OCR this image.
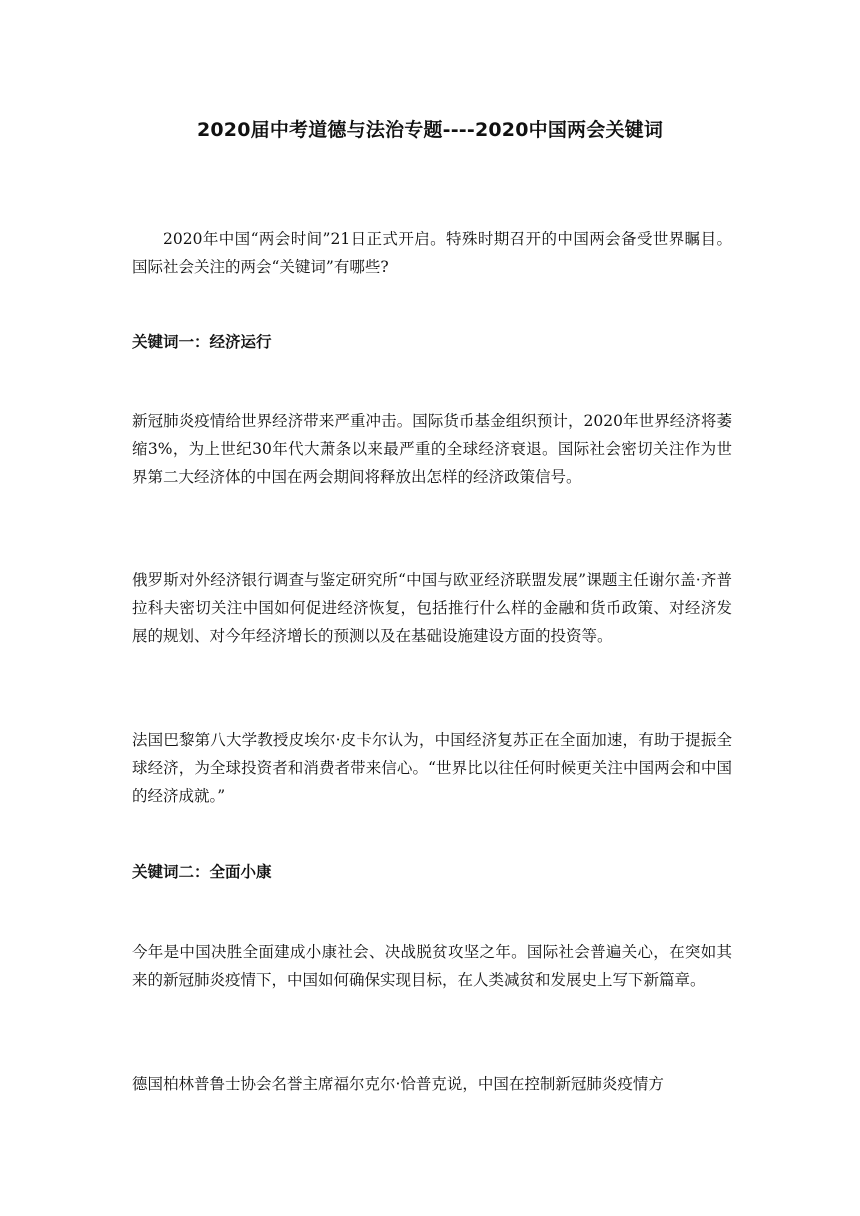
2020届中考道德与法治专题----2020中国两会关键词
2020年中国“两会时间”21日正式开启。特殊时期召开的中国两会备受世界瞩目。国际社会关注的两会“关键词”有哪些?
关键词一：经济运行
新冠肺炎疫情给世界经济带来严重冲击。国际货币基金组织预计，2020年世界经济将萎缩3%，为上世纪30年代大萧条以来最严重的全球经济衰退。国际社会密切关注作为世界第二大经济体的中国在两会期间将释放出怎样的经济政策信号。
俄罗斯对外经济银行调查与鉴定研究所“中国与欧亚经济联盟发展”课题主任谢尔盖·齐普拉科夫密切关注中国如何促进经济恢复，包括推行什么样的金融和货币政策、对经济发展的规划、对今年经济增长的预测以及在基础设施建设方面的投资等。
法国巴黎第八大学教授皮埃尔·皮卡尔认为，中国经济复苏正在全面加速，有助于提振全球经济，为全球投资者和消费者带来信心。“世界比以往任何时候更关注中国两会和中国的经济成就。”
关键词二：全面小康
今年是中国决胜全面建成小康社会、决战脱贫攻坚之年。国际社会普遍关心，在突如其来的新冠肺炎疫情下，中国如何确保实现目标，在人类减贫和发展史上写下新篇章。
德国柏林普鲁士协会名誉主席福尔克尔·恰普克说，中国在控制新冠肺炎疫情方
